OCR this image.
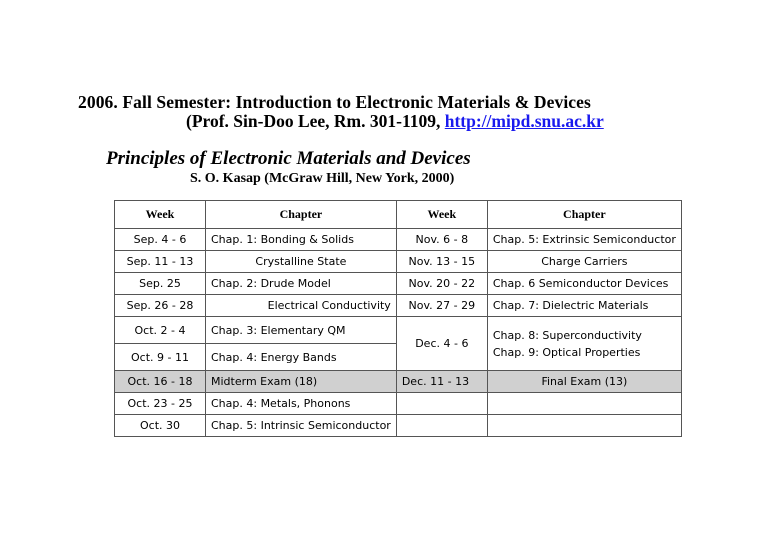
2006. Fall Semester: Introduction to Electronic Materials & Devices
(Prof. Sin-Doo Lee, Rm. 301-1109, http://mipd.snu.ac.kr
Principles of Electronic Materials and Devices
S. O. Kasap (McGraw Hill, New York, 2000)
Week	Chapter	Week	Chapter
Sep. 4 - 6	Chap. 1: Bonding & Solids	Nov. 6 - 8	Chap. 5: Extrinsic Semiconductor
Sep. 11 - 13	Crystalline State	Nov. 13 - 15	Charge Carriers
Sep. 25	Chap. 2: Drude Model	Nov. 20 - 22	Chap. 6 Semiconductor Devices
Sep. 26 - 28	Electrical Conductivity	Nov. 27 - 29	Chap. 7: Dielectric Materials
Oct. 2 - 4	Chap. 3: Elementary QM	Dec. 4 - 6	Chap. 8: Superconductivity
Chap. 9: Optical Properties

Oct. 9 - 11	Chap. 4: Energy Bands		
Oct. 16 - 18	Midterm Exam (18)	Dec. 11 - 13	Final Exam (13)
Oct. 23 - 25	Chap. 4: Metals, Phonons		
Oct. 30	Chap. 5: Intrinsic Semiconductor		
